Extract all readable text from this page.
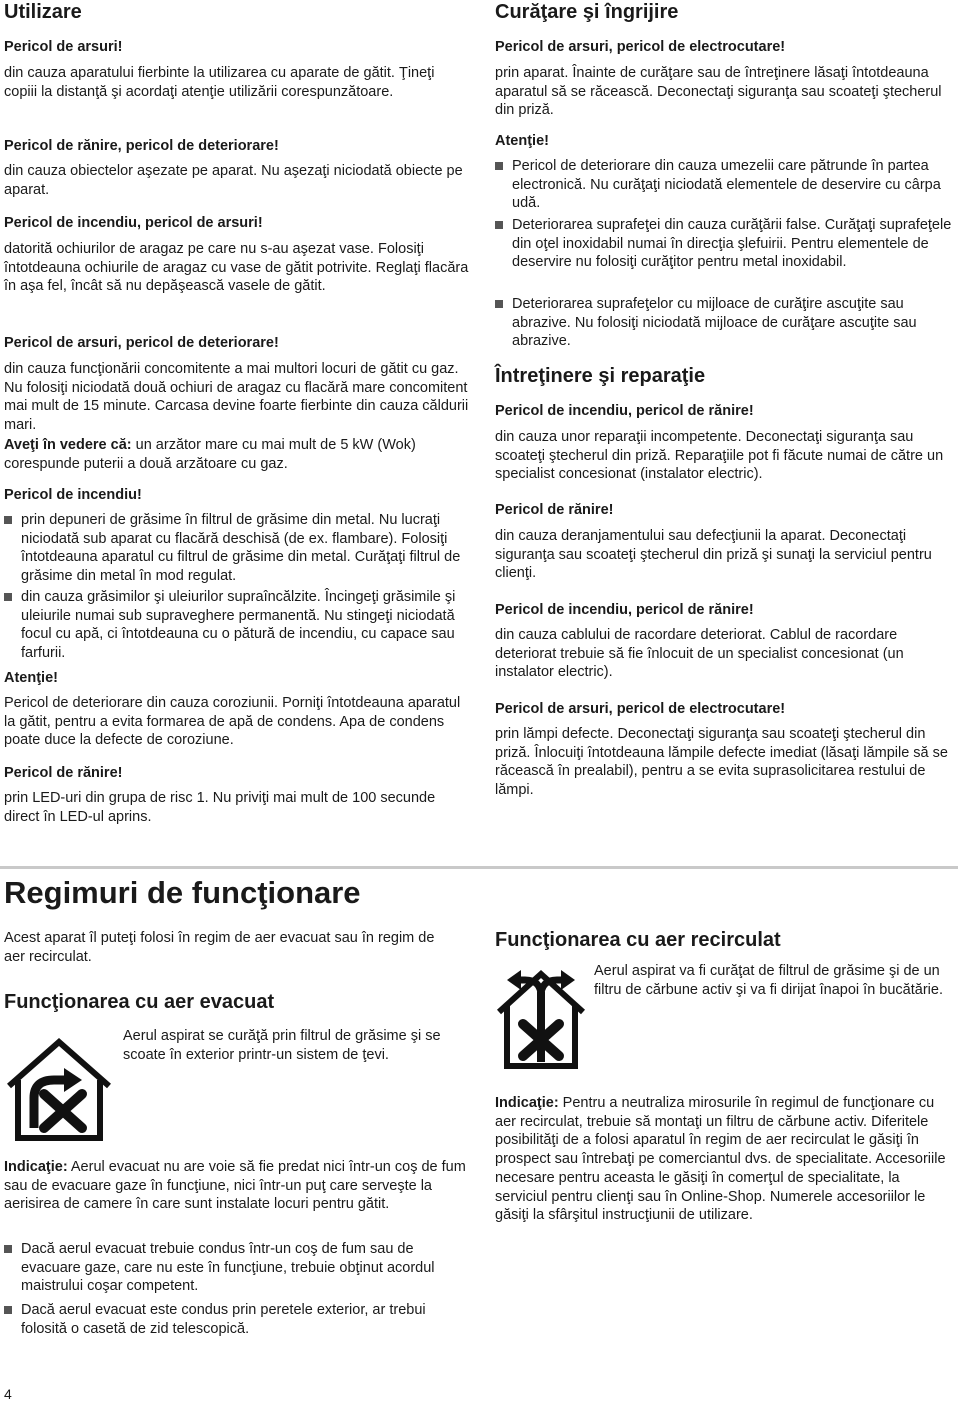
Utilizare
Pericol de arsuri!

din cauza aparatului fierbinte la utilizarea cu aparate de gătit. Ţineţi copiii la distanţă şi acordaţi atenţie utilizării corespunzătoare.

Pericol de rănire, pericol de deteriorare!

din cauza obiectelor aşezate pe aparat. Nu aşezaţi niciodată obiecte pe aparat.

Pericol de incendiu, pericol de arsuri!

datorită ochiurilor de aragaz pe care nu s-au aşezat vase. Folosiţi întotdeauna ochiurile de aragaz cu vase de gătit potrivite. Reglaţi flacăra în aşa fel, încât să nu depăşească vasele de gătit.

Pericol de arsuri, pericol de deteriorare!

din cauza funcţionării concomitente a mai multori locuri de gătit cu gaz. Nu folosiţi niciodată două ochiuri de aragaz cu flacără mare concomitent mai mult de 15 minute. Carcasa devine foarte fierbinte din cauza căldurii mari.

Aveţi în vedere că: un arzător mare cu mai mult de 5 kW (Wok) corespunde puterii a două arzătoare cu gaz.

Pericol de incendiu!
prin depuneri de grăsime în filtrul de grăsime din metal. Nu lucraţi niciodată sub aparat cu flacără deschisă (de ex. flambare). Folosiţi întotdeauna aparatul cu filtrul de grăsime din metal. Curăţaţi filtrul de grăsime din metal în mod regulat.
din cauza grăsimilor şi uleiurilor supraîncălzite. Încingeţi grăsimile şi uleiurile numai sub supraveghere permanentă. Nu stingeţi niciodată focul cu apă, ci întotdeauna cu o pătură de incendiu, cu capace sau farfurii.
Atenţie!

Pericol de deteriorare din cauza coroziunii. Porniţi întotdeauna aparatul la gătit, pentru a evita formarea de apă de condens. Apa de condens poate duce la defecte de coroziune.

Pericol de rănire!

prin LED-uri din grupa de risc 1. Nu priviţi mai mult de 100 secunde direct în LED-ul aprins.

Curăţare şi îngrijire
Pericol de arsuri, pericol de electrocutare!

prin aparat. Înainte de curăţare sau de întreţinere lăsaţi întotdeauna aparatul să se răcească. Deconectaţi siguranţa sau scoateţi ştecherul din priză.

Atenţie!
Pericol de deteriorare din cauza umezelii care pătrunde în partea electronică. Nu curăţaţi niciodată elementele de deservire cu cârpa udă.
Deteriorarea suprafeţei din cauza curăţării false. Curăţaţi suprafeţele din oţel inoxidabil numai în direcţia şlefuirii. Pentru elementele de deservire nu folosiţi curăţitor pentru metal inoxidabil.
Deteriorarea suprafeţelor cu mijloace de curăţire ascuţite sau abrazive. Nu folosiţi niciodată mijloace de curăţare ascuţite sau abrazive.
Întreţinere şi reparaţie
Pericol de incendiu, pericol de rănire!

din cauza unor reparaţii incompetente. Deconectaţi siguranţa sau scoateţi ştecherul din priză. Reparaţiile pot fi făcute numai de către un specialist concesionat (instalator electric).

Pericol de rănire!

din cauza deranjamentului sau defecţiunii la aparat. Deconectaţi siguranţa sau scoateţi ştecherul din priză şi sunaţi la serviciul pentru clienţi.

Pericol de incendiu, pericol de rănire!

din cauza cablului de racordare deteriorat. Cablul de racordare deteriorat trebuie să fie înlocuit de un specialist concesionat (un instalator electric).

Pericol de arsuri, pericol de electrocutare!

prin lămpi defecte. Deconectaţi siguranţa sau scoateţi ştecherul din priză. Înlocuiţi întotdeauna lămpile defecte imediat (lăsaţi lămpile să se răcească în prealabil), pentru a se evita suprasolicitarea restului de lămpi.

Regimuri de funcţionare

Acest aparat îl puteţi folosi în regim de aer evacuat sau în regim de aer recirculat.

Funcţionarea cu aer evacuat

Aerul aspirat se curăţă prin filtrul de grăsime şi se scoate în exterior printr-un sistem de ţevi.

Indicaţie: Aerul evacuat nu are voie să fie predat nici într-un coş de fum sau de evacuare gaze în funcţiune, nici într-un puţ care serveşte la aerisirea de camere în care sunt instalate locuri pentru gătit.

Dacă aerul evacuat trebuie condus într-un coş de fum sau de evacuare gaze, care nu este în funcţiune, trebuie obţinut acordul maistrului coşar competent.
Dacă aerul evacuat este condus prin peretele exterior, ar trebui folosită o casetă de zid telescopică.
Funcţionarea cu aer recirculat

Aerul aspirat va fi curăţat de filtrul de grăsime şi de un filtru de cărbune activ şi va fi dirijat înapoi în bucătărie.

Indicaţie: Pentru a neutraliza mirosurile în regimul de funcţionare cu aer recirculat, trebuie să montaţi un filtru de cărbune activ. Diferitele posibilităţi de a folosi aparatul în regim de aer recirculat le găsiţi în prospect sau întrebaţi pe comerciantul dvs. de specialitate. Accesoriile necesare pentru aceasta le găsiţi în comerţul de specialitate, la serviciul pentru clienţi sau în Online-Shop. Numerele accesoriilor le găsiţi la sfârşitul instrucţiunii de utilizare.

4
